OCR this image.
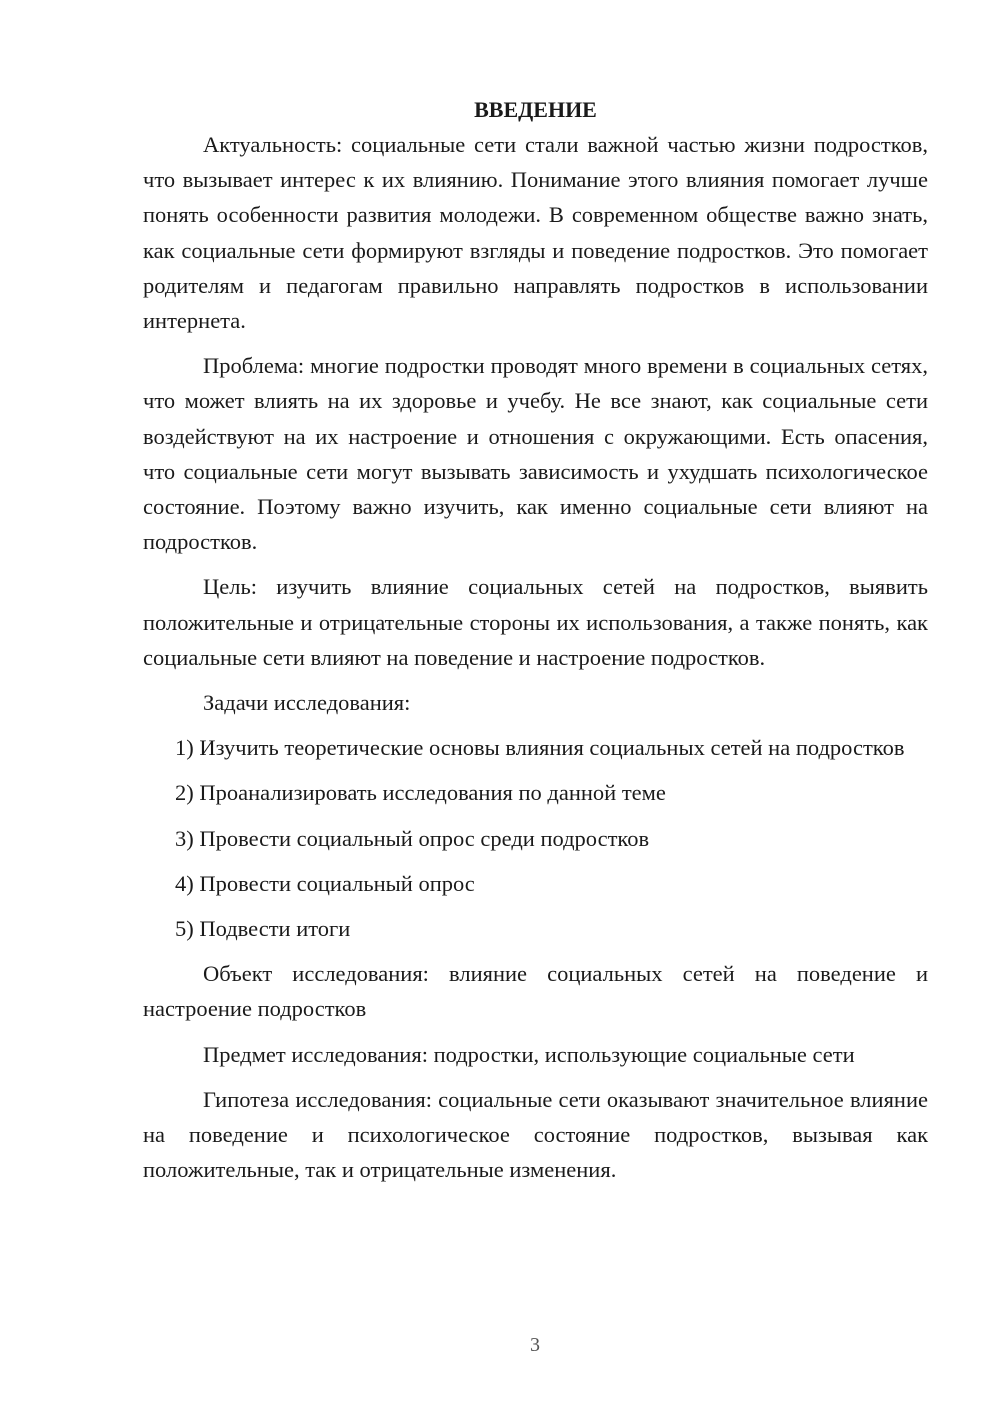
ВВЕДЕНИЕ

Актуальность: социальные сети стали важной частью жизни подростков, что вызывает интерес к их влиянию. Понимание этого влияния помогает лучше понять особенности развития молодежи. В современном обществе важно знать, как социальные сети формируют взгляды и поведение подростков. Это помогает родителям и педагогам правильно направлять подростков в использовании интернета.

Проблема: многие подростки проводят много времени в социальных сетях, что может влиять на их здоровье и учебу. Не все знают, как социальные сети воздействуют на их настроение и отношения с окружающими. Есть опасения, что социальные сети могут вызывать зависимость и ухудшать психологическое состояние. Поэтому важно изучить, как именно социальные сети влияют на подростков.

Цель: изучить влияние социальных сетей на подростков, выявить положительные и отрицательные стороны их использования, а также понять, как социальные сети влияют на поведение и настроение подростков.

Задачи исследования:

1) Изучить теоретические основы влияния социальных сетей на подростков

2) Проанализировать исследования по данной теме

3) Провести социальный опрос среди подростков

4) Провести социальный опрос

5) Подвести итоги

Объект исследования: влияние социальных сетей на поведение и настроение подростков

Предмет исследования: подростки, использующие социальные сети

Гипотеза исследования: социальные сети оказывают значительное влияние на поведение и психологическое состояние подростков, вызывая как положительные, так и отрицательные изменения.

3
